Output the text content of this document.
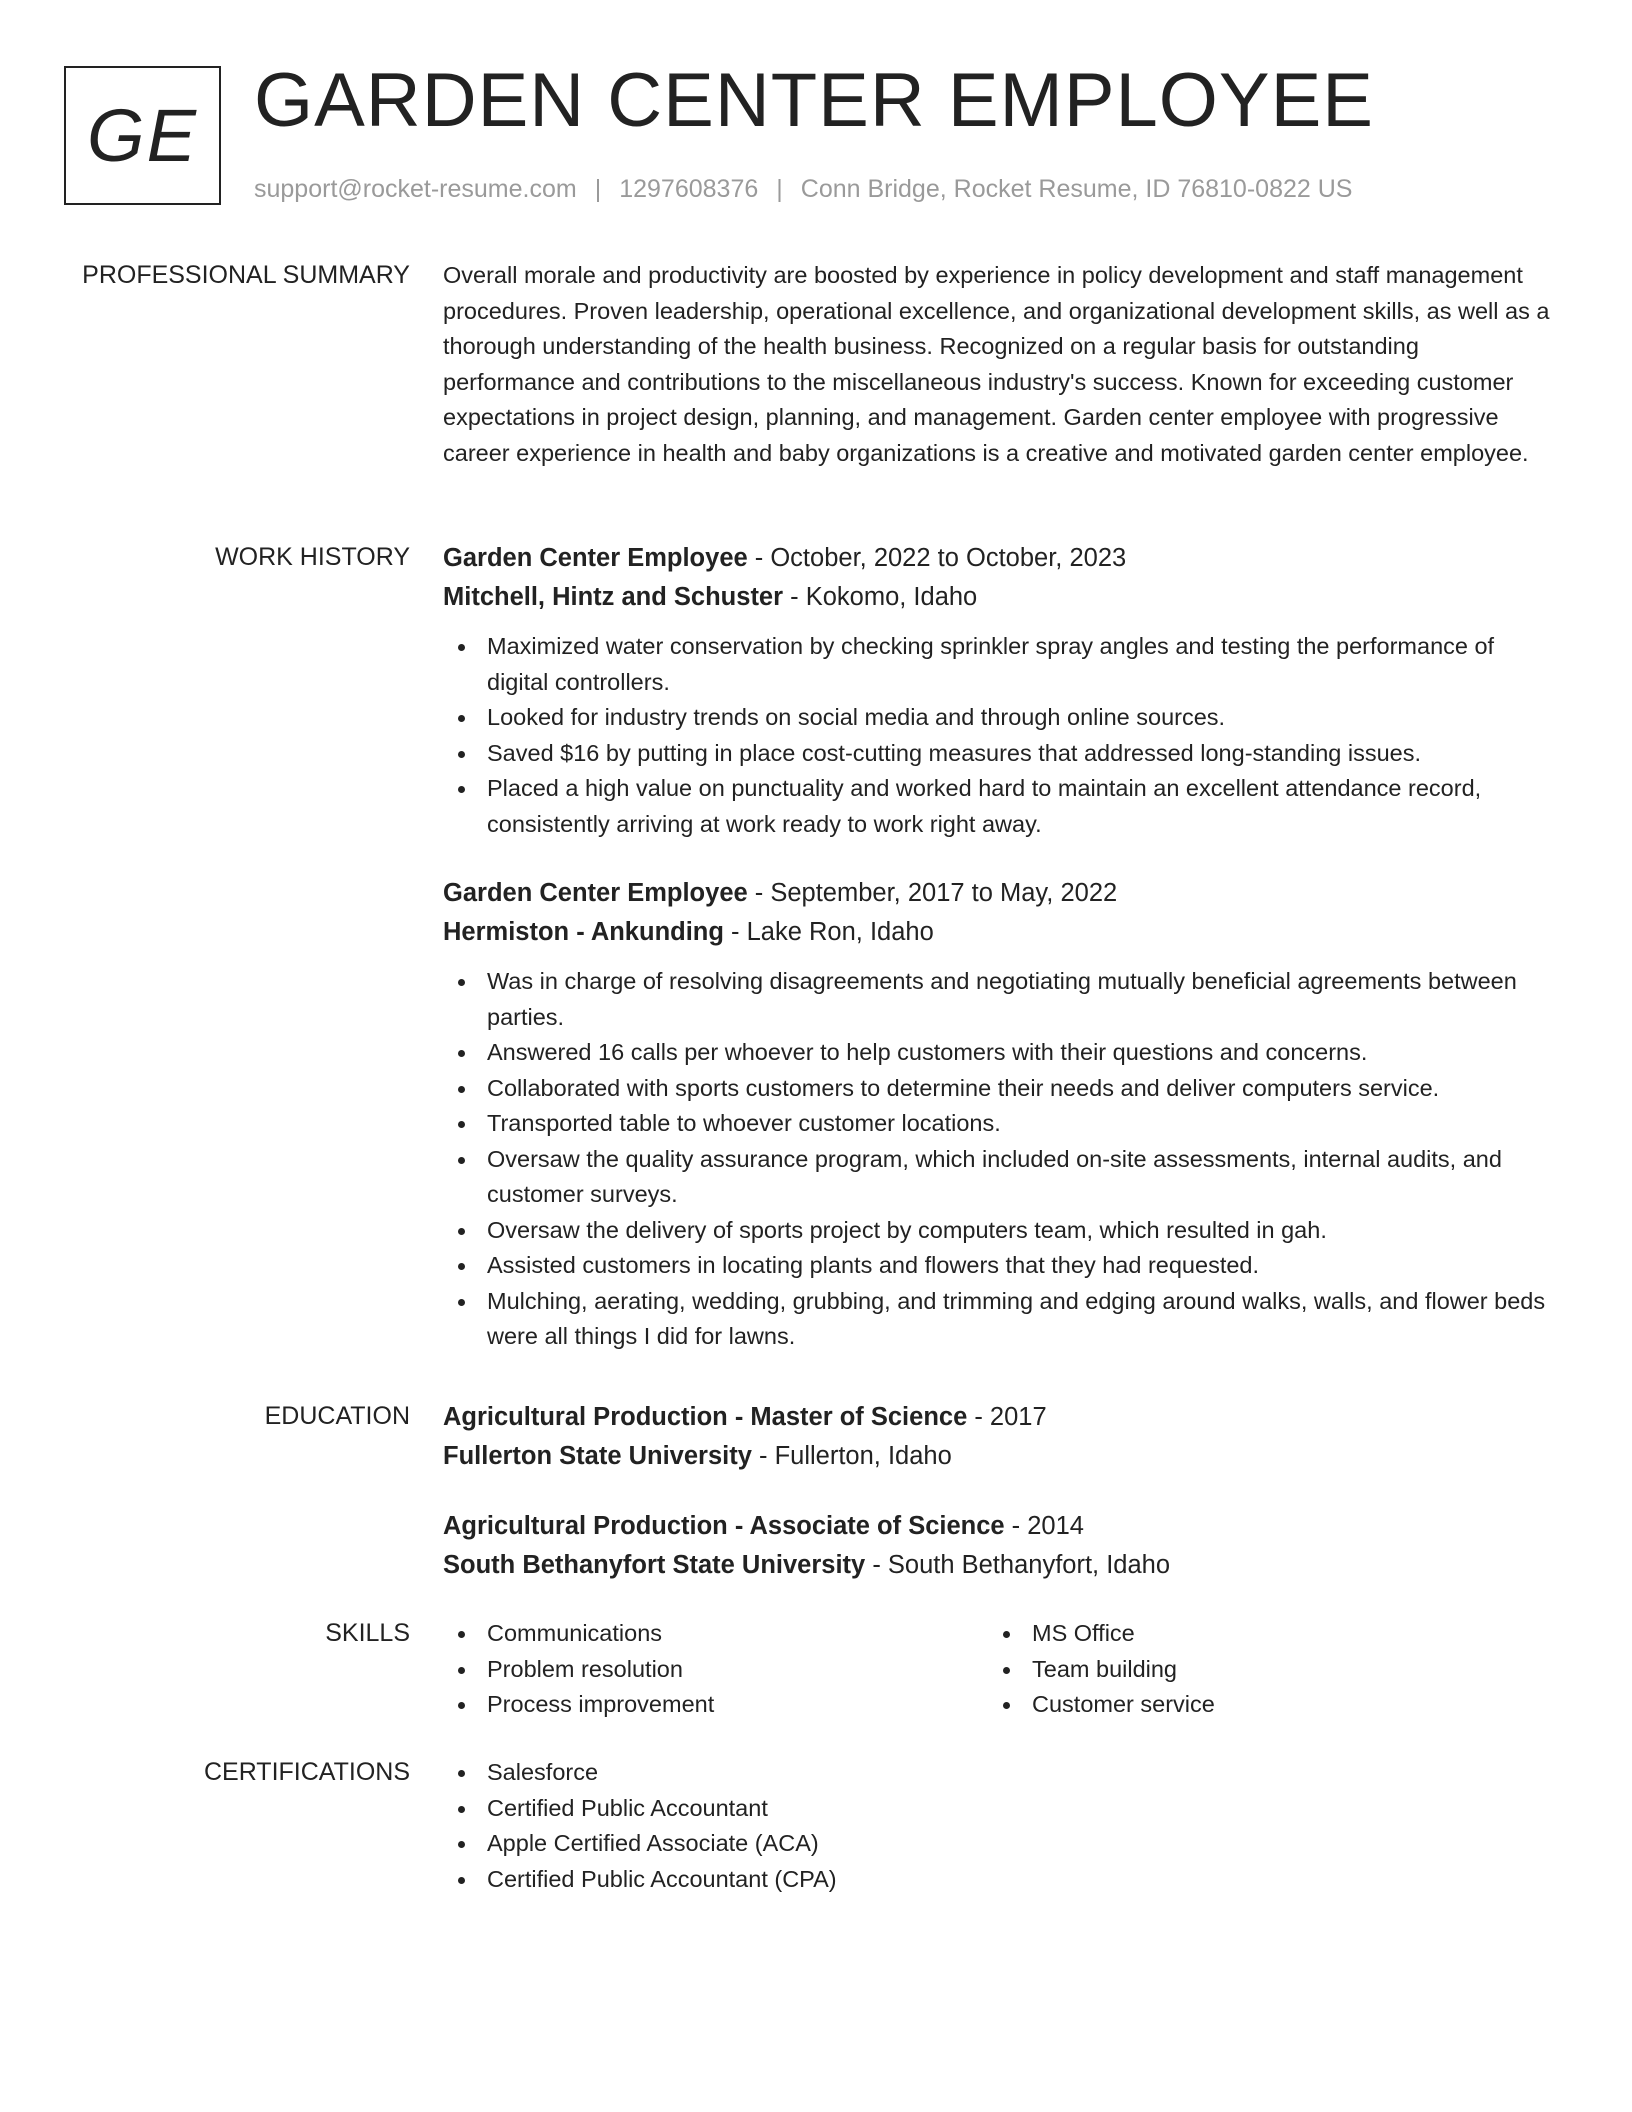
GE GARDEN CENTER EMPLOYEE
support@rocket-resume.com | 1297608376 | Conn Bridge, Rocket Resume, ID 76810-0822 US
PROFESSIONAL SUMMARY Overall morale and productivity are boosted by experience in policy development and staff management procedures. Proven leadership, operational excellence, and organizational development skills, as well as a thorough understanding of the health business. Recognized on a regular basis for outstanding performance and contributions to the miscellaneous industry's success. Known for exceeding customer expectations in project design, planning, and management. Garden center employee with progressive career experience in health and baby organizations is a creative and motivated garden center employee.

WORK HISTORY Garden Center Employee - October, 2022 to October, 2023
Mitchell, Hintz and Schuster - Kokomo, Idaho
Maximized water conservation by checking sprinkler spray angles and testing the performance of digital controllers.
Looked for industry trends on social media and through online sources.
Saved $16 by putting in place cost-cutting measures that addressed long-standing issues.
Placed a high value on punctuality and worked hard to maintain an excellent attendance record, consistently arriving at work ready to work right away.
Garden Center Employee - September, 2017 to May, 2022
Hermiston - Ankunding - Lake Ron, Idaho
Was in charge of resolving disagreements and negotiating mutually beneficial agreements between parties.
Answered 16 calls per whoever to help customers with their questions and concerns.
Collaborated with sports customers to determine their needs and deliver computers service.
Transported table to whoever customer locations.
Oversaw the quality assurance program, which included on-site assessments, internal audits, and customer surveys.
Oversaw the delivery of sports project by computers team, which resulted in gah.
Assisted customers in locating plants and flowers that they had requested.
Mulching, aerating, wedding, grubbing, and trimming and edging around walks, walls, and flower beds were all things I did for lawns.
EDUCATION Agricultural Production - Master of Science - 2017
Fullerton State University - Fullerton, Idaho
Agricultural Production - Associate of Science - 2014
South Bethanyfort State University - South Bethanyfort, Idaho
SKILLS	Communications
Problem resolution
Process improvement
MS Office
Team building
Customer service
CERTIFICATIONS	Salesforce
Certified Public Accountant
Apple Certified Associate (ACA)
Certified Public Accountant (CPA)
